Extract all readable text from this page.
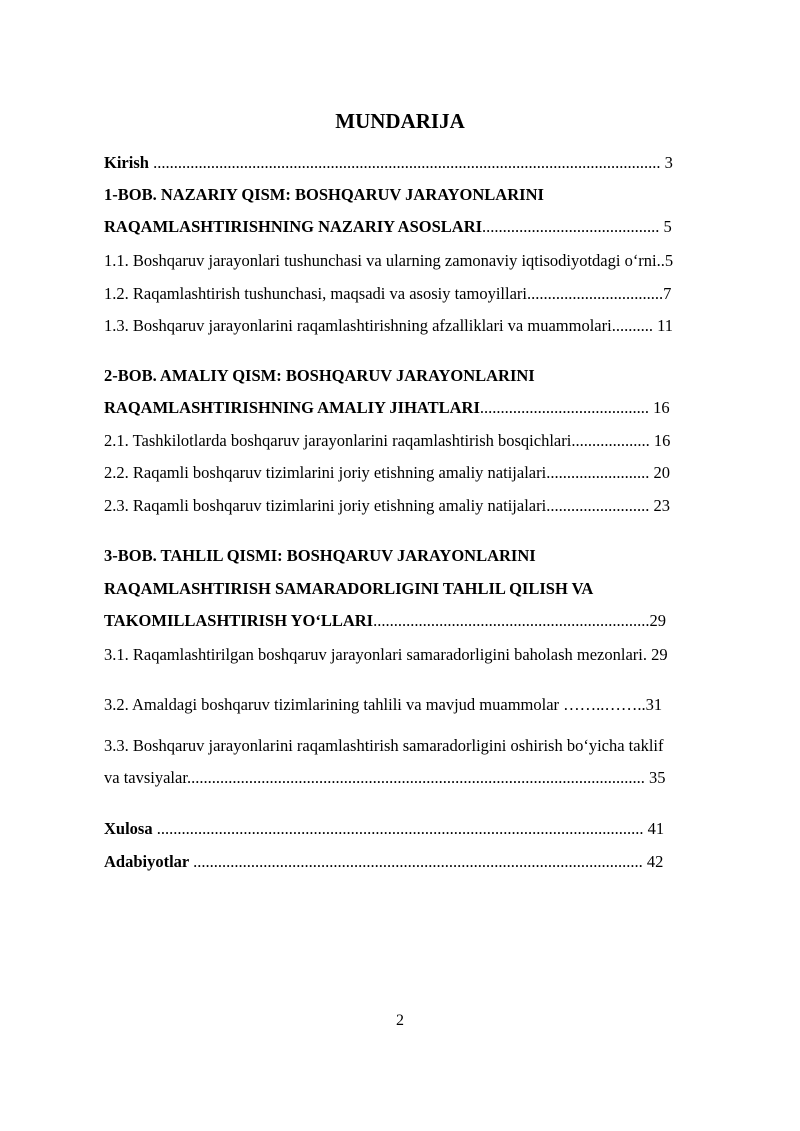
MUNDARIJA
Kirish ........................................................................................................................... 3
1-BOB. NAZARIY QISM: BOSHQARUV JARAYONLARINI
RAQAMLASHTIRISHNING NAZARIY ASOSLARI........................................... 5
1.1. Boshqaruv jarayonlari tushunchasi va ularning zamonaviy iqtisodiyotdagi o‘rni..5
1.2. Raqamlashtirish tushunchasi, maqsadi va asosiy tamoyillari.................................7
1.3. Boshqaruv jarayonlarini raqamlashtirishning afzalliklari va muammolari.......... 11
2-BOB. AMALIY QISM: BOSHQARUV JARAYONLARINI
RAQAMLASHTIRISHNING AMALIY JIHATLARI......................................... 16
2.1. Tashkilotlarda boshqaruv jarayonlarini raqamlashtirish bosqichlari................... 16
2.2. Raqamli boshqaruv tizimlarini joriy etishning amaliy natijalari......................... 20
2.3. Raqamli boshqaruv tizimlarini joriy etishning amaliy natijalari......................... 23
3-BOB. TAHLIL QISMI: BOSHQARUV JARAYONLARINI
RAQAMLASHTIRISH SAMARADORLIGINI TAHLIL QILISH VA
TAKOMILLASHTIRISH YO‘LLARI...................................................................29
3.1. Raqamlashtirilgan boshqaruv jarayonlari samaradorligini baholash mezonlari. 29
3.2. Amaldagi boshqaruv tizimlarining tahlili va mavjud muammolar ……..……..31
3.3. Boshqaruv jarayonlarini raqamlashtirish samaradorligini oshirish bo‘yicha taklif
va tavsiyalar............................................................................................................... 35
Xulosa ...................................................................................................................... 41
Adabiyotlar ............................................................................................................. 42
2
